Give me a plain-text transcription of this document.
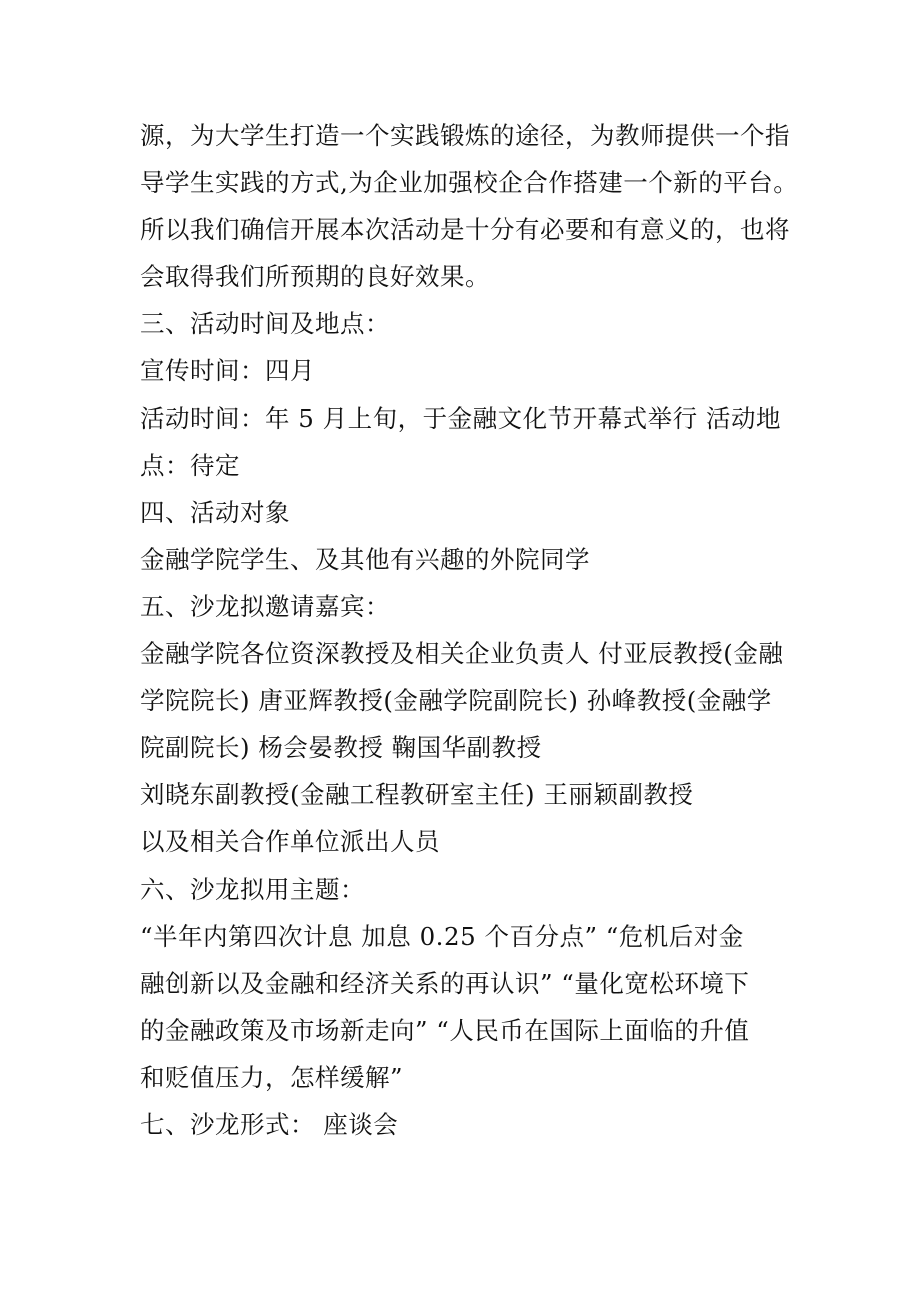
源，为大学生打造一个实践锻炼的途径，为教师提供一个指
导学生实践的方式,为企业加强校企合作搭建一个新的平台。
所以我们确信开展本次活动是十分有必要和有意义的，也将
会取得我们所预期的良好效果。
三、活动时间及地点：
宣传时间：四月
活动时间：年 5 月上旬，于金融文化节开幕式举行 活动地
点：待定
四、活动对象
金融学院学生、及其他有兴趣的外院同学
五、沙龙拟邀请嘉宾：
金融学院各位资深教授及相关企业负责人 付亚辰教授(金融
学院院长) 唐亚辉教授(金融学院副院长) 孙峰教授(金融学
院副院长) 杨会晏教授 鞠国华副教授
刘晓东副教授(金融工程教研室主任) 王丽颖副教授
以及相关合作单位派出人员
六、沙龙拟用主题：
“半年内第四次计息 加息 0.25 个百分点” “危机后对金
融创新以及金融和经济关系的再认识” “量化宽松环境下
的金融政策及市场新走向” “人民币在国际上面临的升值
和贬值压力，怎样缓解”
七、沙龙形式： 座谈会
